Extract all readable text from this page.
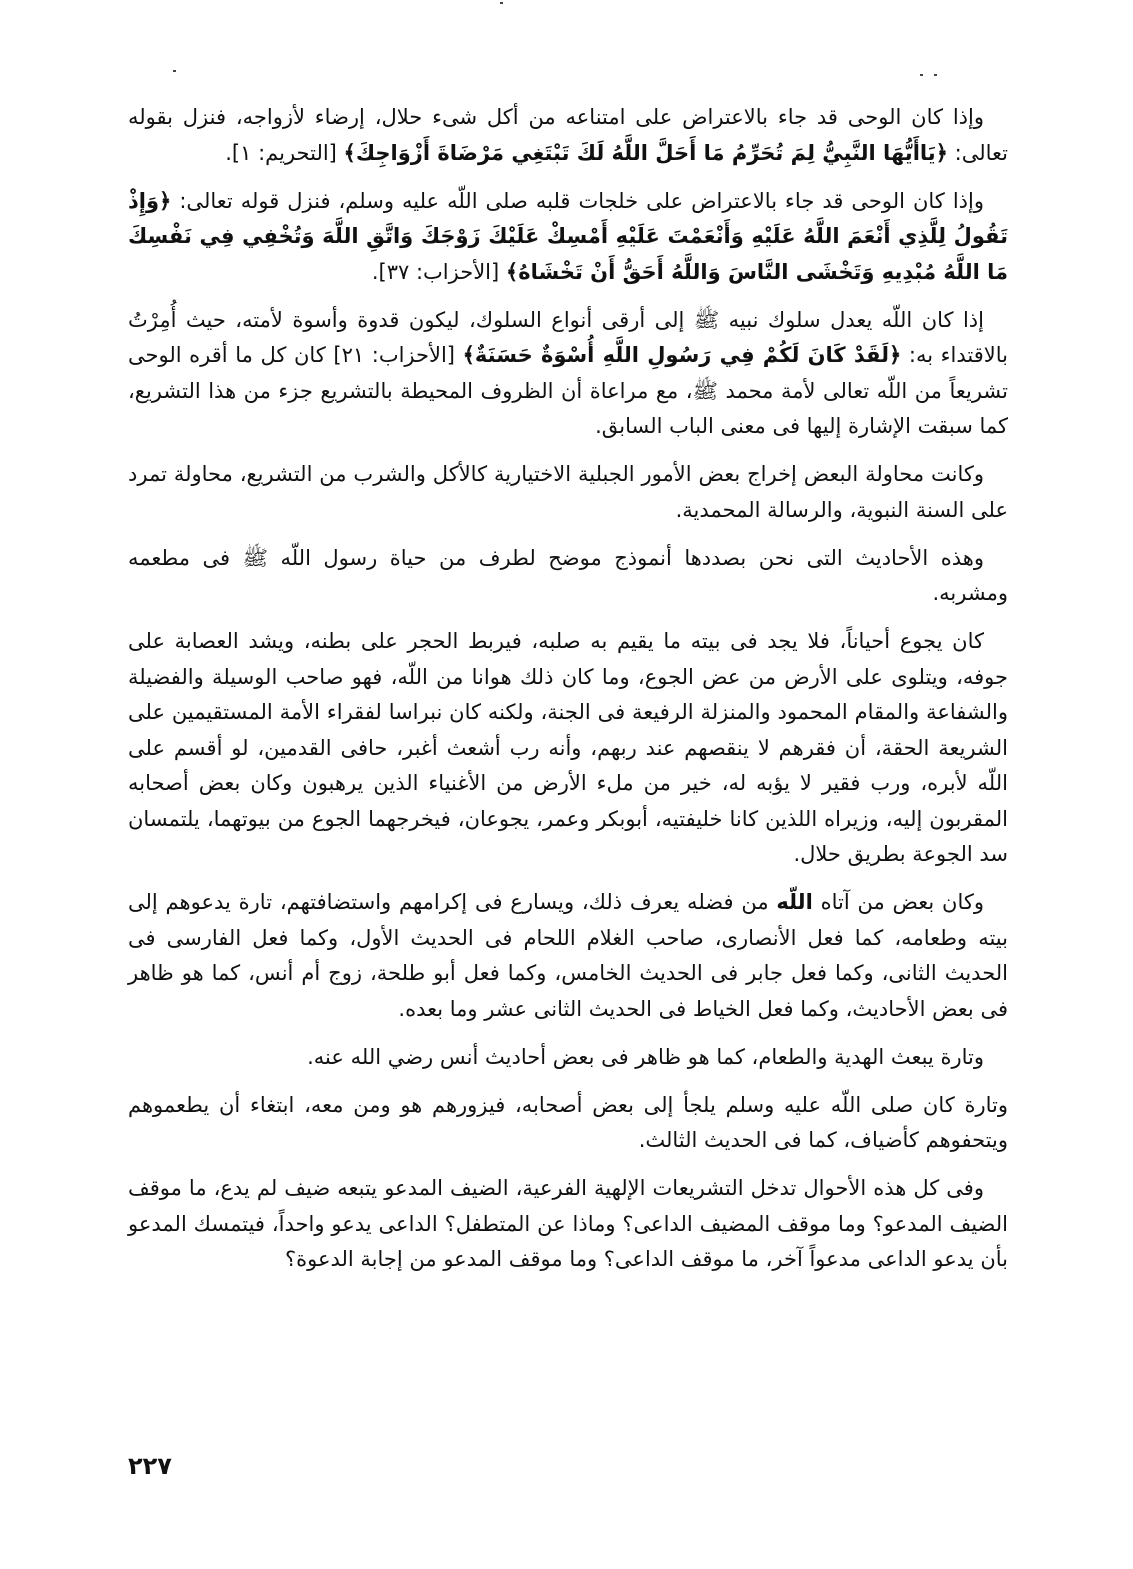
وإذا كان الوحى قد جاء بالاعتراض على امتناعه من أكل شىء حلال، إرضاء لأزواجه، فنزل بقوله تعالى: ﴿يَاأَيُّهَا النَّبِيُّ لِمَ تُحَرِّمُ مَا أَحَلَّ اللَّهُ لَكَ تَبْتَغِي مَرْضَاةَ أَزْوَاجِكَ﴾ [التحريم: ١].

وإذا كان الوحى قد جاء بالاعتراض على خلجات قلبه صلى اللّه عليه وسلم، فنزل قوله تعالى: ﴿وَإِذْ تَقُولُ لِلَّذِي أَنْعَمَ اللَّهُ عَلَيْهِ وَأَنْعَمْتَ عَلَيْهِ أَمْسِكْ عَلَيْكَ زَوْجَكَ وَاتَّقِ اللَّهَ وَتُخْفِي فِي نَفْسِكَ مَا اللَّهُ مُبْدِيهِ وَتَخْشَى النَّاسَ وَاللَّهُ أَحَقُّ أَنْ تَخْشَاهُ﴾ [الأحزاب: ٣٧].

إذا كان اللّه يعدل سلوك نبيه ﷺ إلى أرقى أنواع السلوك، ليكون قدوة وأسوة لأمته، حيث أُمِرْتُ بالاقتداء به: ﴿لَقَدْ كَانَ لَكُمْ فِي رَسُولِ اللَّهِ أُسْوَةٌ حَسَنَةٌ﴾ [الأحزاب: ٢١] كان كل ما أقره الوحى تشريعاً من اللّه تعالى لأمة محمد ﷺ، مع مراعاة أن الظروف المحيطة بالتشريع جزء من هذا التشريع، كما سبقت الإشارة إليها فى معنى الباب السابق.

وكانت محاولة البعض إخراج بعض الأمور الجبلية الاختيارية كالأكل والشرب من التشريع، محاولة تمرد على السنة النبوية، والرسالة المحمدية.

وهذه الأحاديث التى نحن بصددها أنموذج موضح لطرف من حياة رسول اللّه ﷺ فى مطعمه ومشربه.

كان يجوع أحياناً، فلا يجد فى بيته ما يقيم به صلبه، فيربط الحجر على بطنه، ويشد العصابة على جوفه، ويتلوى على الأرض من عض الجوع، وما كان ذلك هوانا من اللّه، فهو صاحب الوسيلة والفضيلة والشفاعة والمقام المحمود والمنزلة الرفيعة فى الجنة، ولكنه كان نبراسا لفقراء الأمة المستقيمين على الشريعة الحقة، أن فقرهم لا ينقصهم عند ربهم، وأنه رب أشعث أغبر، حافى القدمين، لو أقسم على اللّه لأبره، ورب فقير لا يؤبه له، خير من ملء الأرض من الأغنياء الذين يرهبون وكان بعض أصحابه المقربون إليه، وزيراه اللذين كانا خليفتيه، أبوبكر وعمر، يجوعان، فيخرجهما الجوع من بيوتهما، يلتمسان سد الجوعة بطريق حلال.

وكان بعض من آتاه اللّه من فضله يعرف ذلك، ويسارع فى إكرامهم واستضافتهم، تارة يدعوهم إلى بيته وطعامه، كما فعل الأنصارى، صاحب الغلام اللحام فى الحديث الأول، وكما فعل الفارسى فى الحديث الثانى، وكما فعل جابر فى الحديث الخامس، وكما فعل أبو طلحة، زوج أم أنس، كما هو ظاهر فى بعض الأحاديث، وكما فعل الخياط فى الحديث الثانى عشر وما بعده.

وتارة يبعث الهدية والطعام، كما هو ظاهر فى بعض أحاديث أنس رضي الله عنه.

وتارة كان صلى اللّه عليه وسلم يلجأ إلى بعض أصحابه، فيزورهم هو ومن معه، ابتغاء أن يطعموهم ويتحفوهم كأضياف، كما فى الحديث الثالث.

وفى كل هذه الأحوال تدخل التشريعات الإلهية الفرعية، الضيف المدعو يتبعه ضيف لم يدع، ما موقف الضيف المدعو؟ وما موقف المضيف الداعى؟ وماذا عن المتطفل؟ الداعى يدعو واحداً، فيتمسك المدعو بأن يدعو الداعى مدعواً آخر، ما موقف الداعى؟ وما موقف المدعو من إجابة الدعوة؟

٢٢٧
